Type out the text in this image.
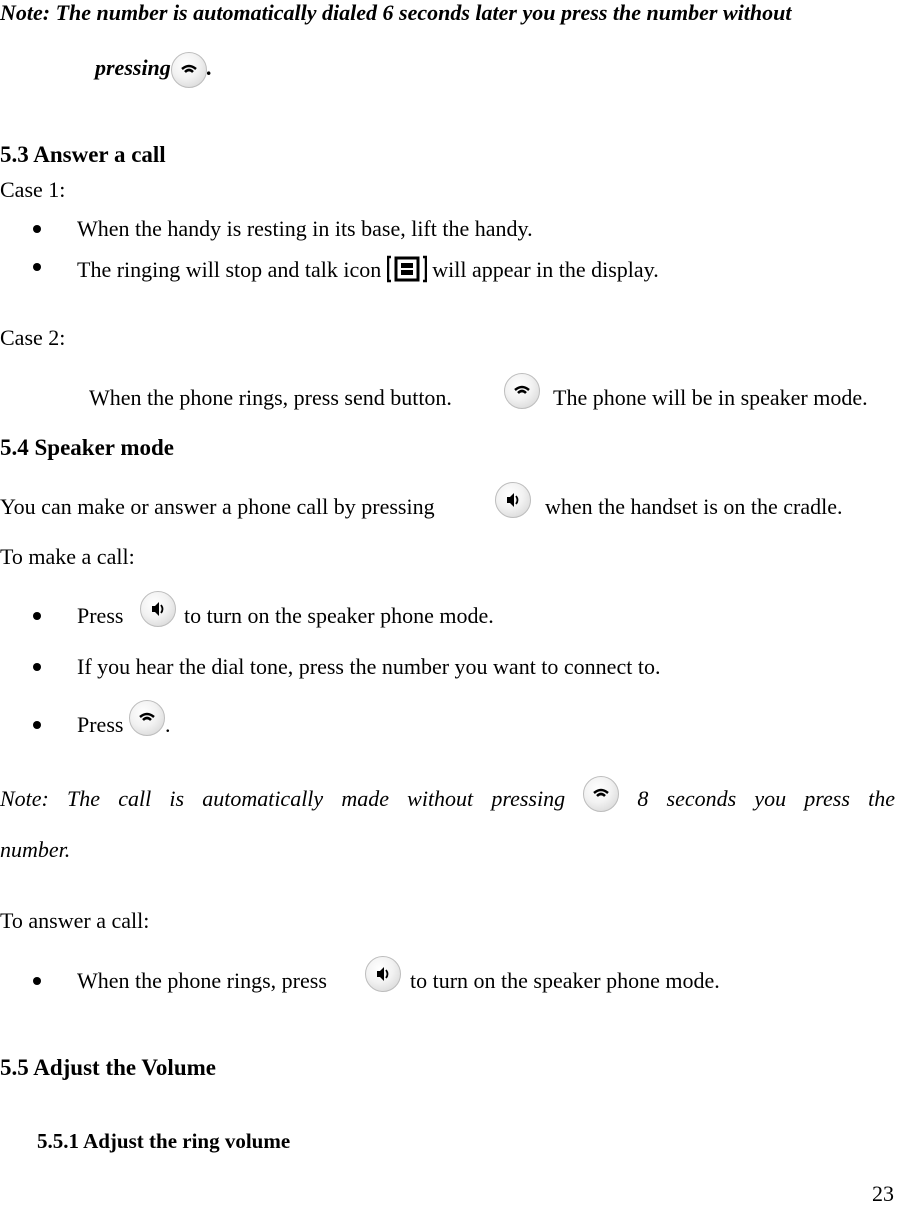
Note: The number is automatically dialed 6 seconds later you press the number without
pressing .
5.3 Answer a call
Case 1:
When the handy is resting in its base, lift the handy.
The ringing will stop and talk icon will appear in the display.
Case 2:
􀂾 When the phone rings, press send button.	The phone will be in speaker mode.
5.4 Speaker mode
You can make or answer a phone call by pressing	when the handset is on the cradle.
To make a call:
Press	to turn on the speaker phone mode.
If you hear the dial tone, press the number you want to connect to.
Press .
Note: The call is automatically made without pressing	8 seconds you press the
number.
To answer a call:
When the phone rings, press	to turn on the speaker phone mode.
5.5 Adjust the Volume
5.5.1 Adjust the ring volume
23
